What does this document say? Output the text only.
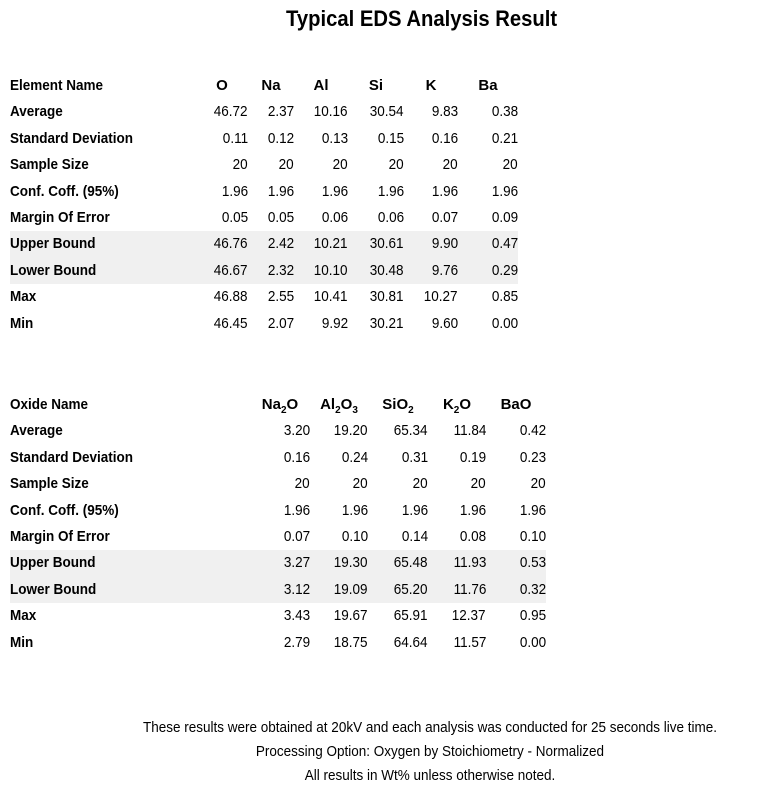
Typical EDS Analysis Result
Element Name	O	Na	Al	Si	K	Ba
Average	46.72	2.37	10.16	30.54	9.83	0.38
Standard Deviation	0.11	0.12	0.13	0.15	0.16	0.21
Sample Size	20	20	20	20	20	20
Conf. Coff. (95%)	1.96	1.96	1.96	1.96	1.96	1.96
Margin Of Error	0.05	0.05	0.06	0.06	0.07	0.09
Upper Bound	46.76	2.42	10.21	30.61	9.90	0.47
Lower Bound	46.67	2.32	10.10	30.48	9.76	0.29
Max	46.88	2.55	10.41	30.81	10.27	0.85
Min	46.45	2.07	9.92	30.21	9.60	0.00
Oxide Name	$Na_2O$	$Al_2O_3$	SiO$_2$	$K_2O$	BaO
Average	3.20	19.20	65.34	11.84	0.42
Standard Deviation	0.16	0.24	0.31	0.19	0.23
Sample Size	20	20	20	20	20
Conf. Coff. (95%)	1.96	1.96	1.96	1.96	1.96
Margin Of Error	0.07	0.10	0.14	0.08	0.10
Upper Bound	3.27	19.30	65.48	11.93	0.53
Lower Bound	3.12	19.09	65.20	11.76	0.32
Max	3.43	19.67	65.91	12.37	0.95
Min	2.79	18.75	64.64	11.57	0.00
These results were obtained at 20kV and each analysis was conducted for 25 seconds live time.
Processing Option: Oxygen by Stoichiometry - Normalized
All results in Wt% unless otherwise noted.
